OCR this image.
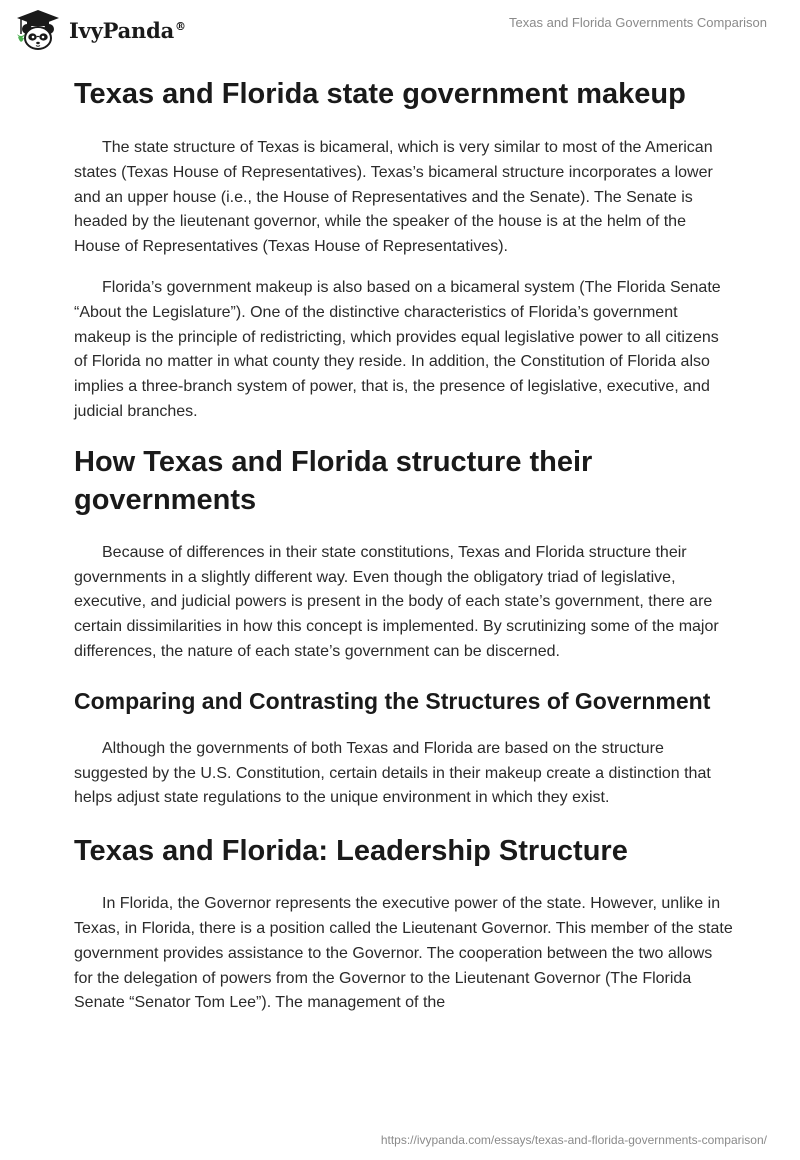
IvyPanda®	Texas and Florida Governments Comparison
Texas and Florida state government makeup

The state structure of Texas is bicameral, which is very similar to most of the American states (Texas House of Representatives). Texas’s bicameral structure incorporates a lower and an upper house (i.e., the House of Representatives and the Senate). The Senate is headed by the lieutenant governor, while the speaker of the house is at the helm of the House of Representatives (Texas House of Representatives).

Florida’s government makeup is also based on a bicameral system (The Florida Senate “About the Legislature”). One of the distinctive characteristics of Florida’s government makeup is the principle of redistricting, which provides equal legislative power to all citizens of Florida no matter in what county they reside. In addition, the Constitution of Florida also implies a three-branch system of power, that is, the presence of legislative, executive, and judicial branches.

How Texas and Florida structure their governments

Because of differences in their state constitutions, Texas and Florida structure their governments in a slightly different way. Even though the obligatory triad of legislative, executive, and judicial powers is present in the body of each state’s government, there are certain dissimilarities in how this concept is implemented. By scrutinizing some of the major differences, the nature of each state’s government can be discerned.

Comparing and Contrasting the Structures of Government

Although the governments of both Texas and Florida are based on the structure suggested by the U.S. Constitution, certain details in their makeup create a distinction that helps adjust state regulations to the unique environment in which they exist.

Texas and Florida: Leadership Structure

In Florida, the Governor represents the executive power of the state. However, unlike in Texas, in Florida, there is a position called the Lieutenant Governor. This member of the state government provides assistance to the Governor. The cooperation between the two allows for the delegation of powers from the Governor to the Lieutenant Governor (The Florida Senate “Senator Tom Lee”). The management of the

https://ivypanda.com/essays/texas-and-florida-governments-comparison/
